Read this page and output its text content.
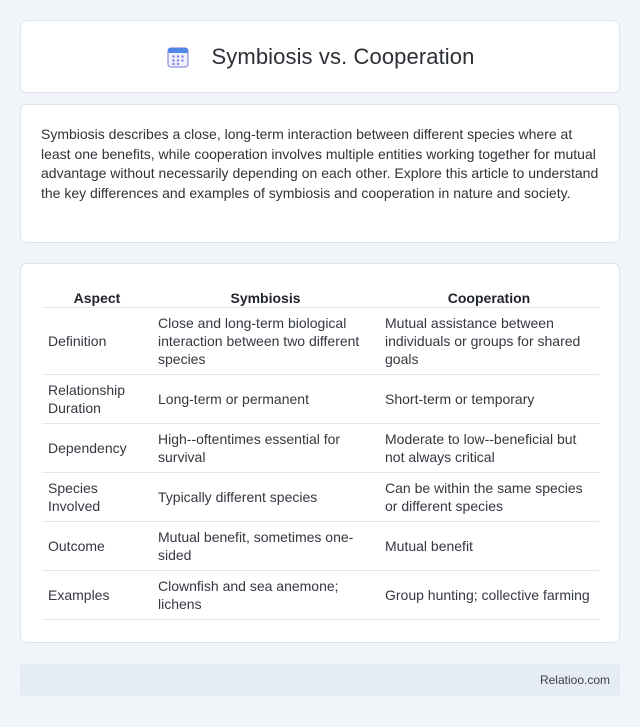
Symbiosis vs. Cooperation

Symbiosis describes a close, long-term interaction between different species where at least one benefits, while cooperation involves multiple entities working together for mutual advantage without necessarily depending on each other. Explore this article to understand the key differences and examples of symbiosis and cooperation in nature and society.

Aspect	Symbiosis	Cooperation
Definition	Close and long-term biological interaction between two different species	Mutual assistance between individuals or groups for shared goals
Relationship Duration	Long-term or permanent	Short-term or temporary
Dependency	High--oftentimes essential for survival	Moderate to low--beneficial but not always critical
Species Involved	Typically different species	Can be within the same species or different species
Outcome	Mutual benefit, sometimes one-sided	Mutual benefit
Examples	Clownfish and sea anemone; lichens	Group hunting; collective farming
Relatioo.com
